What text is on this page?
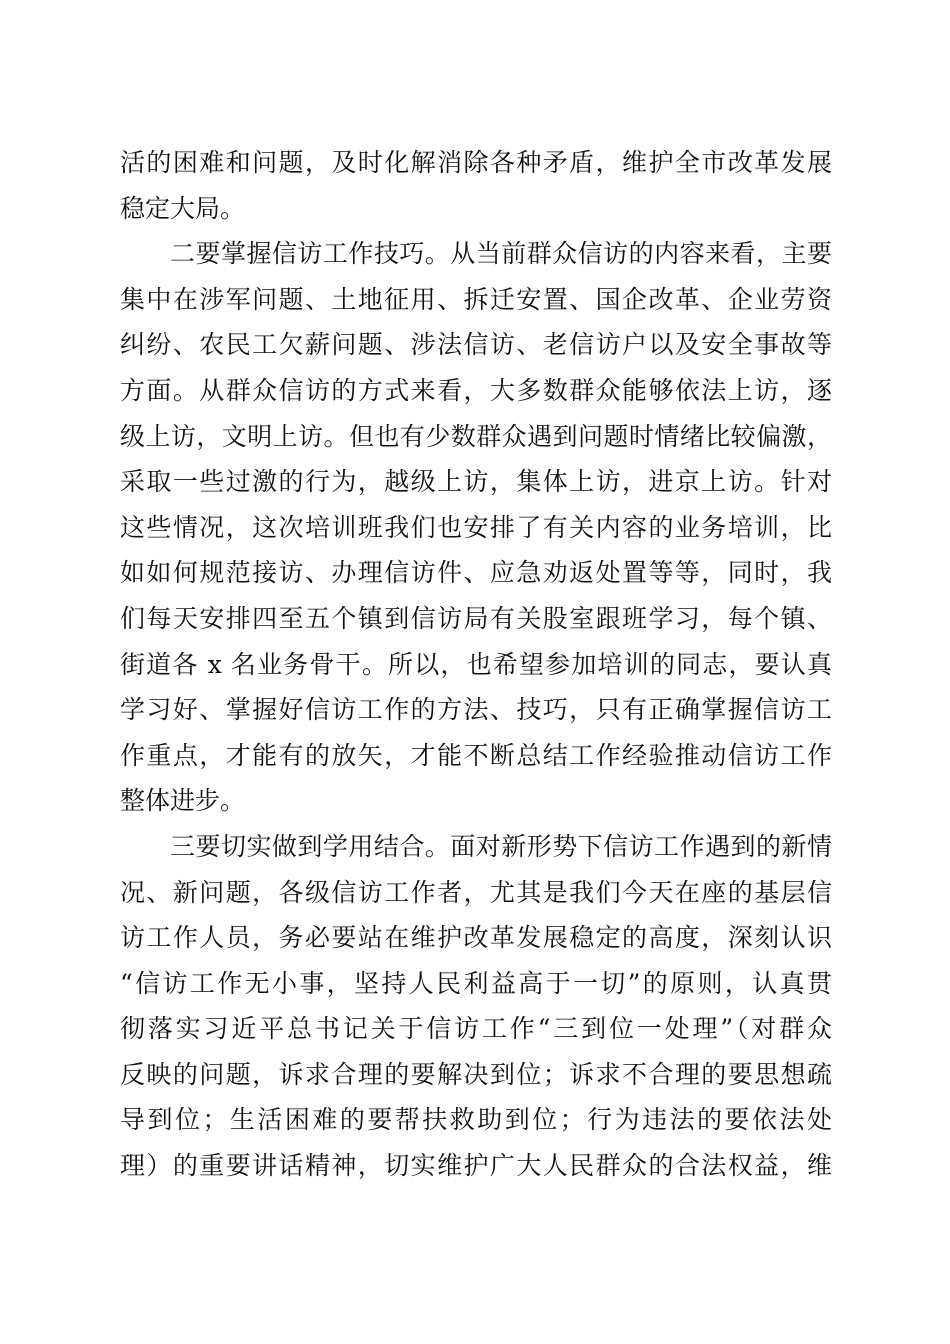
活的困难和问题，及时化解消除各种矛盾，维护全市改革发展
稳定大局。
二要掌握信访工作技巧。从当前群众信访的内容来看，主要
集中在涉军问题、土地征用、拆迁安置、国企改革、企业劳资
纠纷、农民工欠薪问题、涉法信访、老信访户以及安全事故等
方面。从群众信访的方式来看，大多数群众能够依法上访，逐
级上访，文明上访。但也有少数群众遇到问题时情绪比较偏激，
采取一些过激的行为，越级上访，集体上访，进京上访。针对
这些情况，这次培训班我们也安排了有关内容的业务培训，比
如如何规范接访、办理信访件、应急劝返处置等等，同时，我
们每天安排四至五个镇到信访局有关股室跟班学习，每个镇、
街道各 x 名业务骨干。所以，也希望参加培训的同志，要认真
学习好、掌握好信访工作的方法、技巧，只有正确掌握信访工
作重点，才能有的放矢，才能不断总结工作经验推动信访工作
整体进步。
三要切实做到学用结合。面对新形势下信访工作遇到的新情
况、新问题，各级信访工作者，尤其是我们今天在座的基层信
访工作人员，务必要站在维护改革发展稳定的高度，深刻认识
“信访工作无小事，坚持人民利益高于一切”的原则，认真贯
彻落实习近平总书记关于信访工作“三到位一处理”（对群众
反映的问题，诉求合理的要解决到位；诉求不合理的要思想疏
导到位；生活困难的要帮扶救助到位；行为违法的要依法处
理）的重要讲话精神，切实维护广大人民群众的合法权益，维
